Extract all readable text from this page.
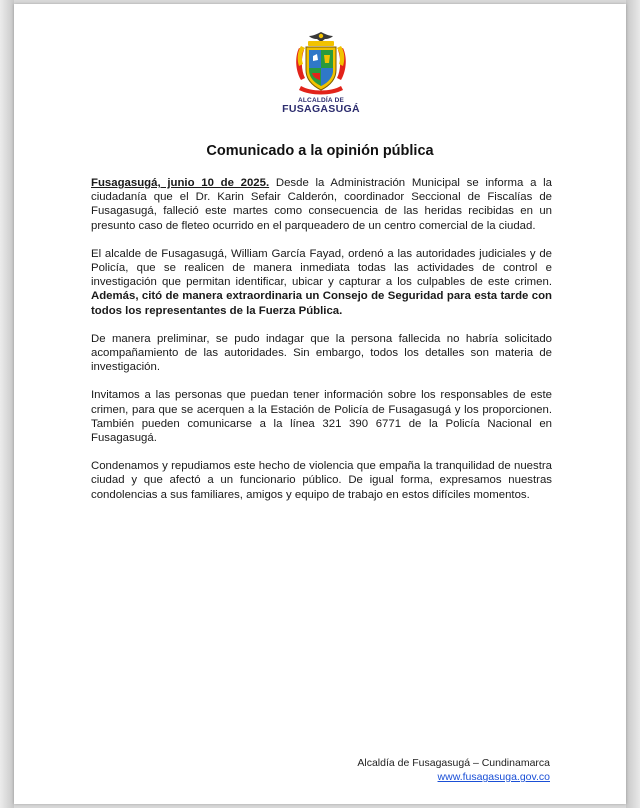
ALCALDÍA DE
FUSAGASUGÁ
Comunicado a la opinión pública

Fusagasugá, junio 10 de 2025. Desde la Administración Municipal se informa a la ciudadanía que el Dr. Karin Sefair Calderón, coordinador Seccional de Fiscalías de Fusagasugá, falleció este martes como consecuencia de las heridas recibidas en un presunto caso de fleteo ocurrido en el parqueadero de un centro comercial de la ciudad.

El alcalde de Fusagasugá, William García Fayad, ordenó a las autoridades judiciales y de Policía, que se realicen de manera inmediata todas las actividades de control e investigación que permitan identificar, ubicar y capturar a los culpables de este crimen. Además, citó de manera extraordinaria un Consejo de Seguridad para esta tarde con todos los representantes de la Fuerza Pública.

De manera preliminar, se pudo indagar que la persona fallecida no habría solicitado acompañamiento de las autoridades. Sin embargo, todos los detalles son materia de investigación.

Invitamos a las personas que puedan tener información sobre los responsables de este crimen, para que se acerquen a la Estación de Policía de Fusagasugá y los proporcionen. También pueden comunicarse a la línea 321 390 6771 de la Policía Nacional en Fusagasugá.

Condenamos y repudiamos este hecho de violencia que empaña la tranquilidad de nuestra ciudad y que afectó a un funcionario público. De igual forma, expresamos nuestras condolencias a sus familiares, amigos y equipo de trabajo en estos difíciles momentos.

Alcaldía de Fusagasugá – Cundinamarca
www.fusagasuga.gov.co
